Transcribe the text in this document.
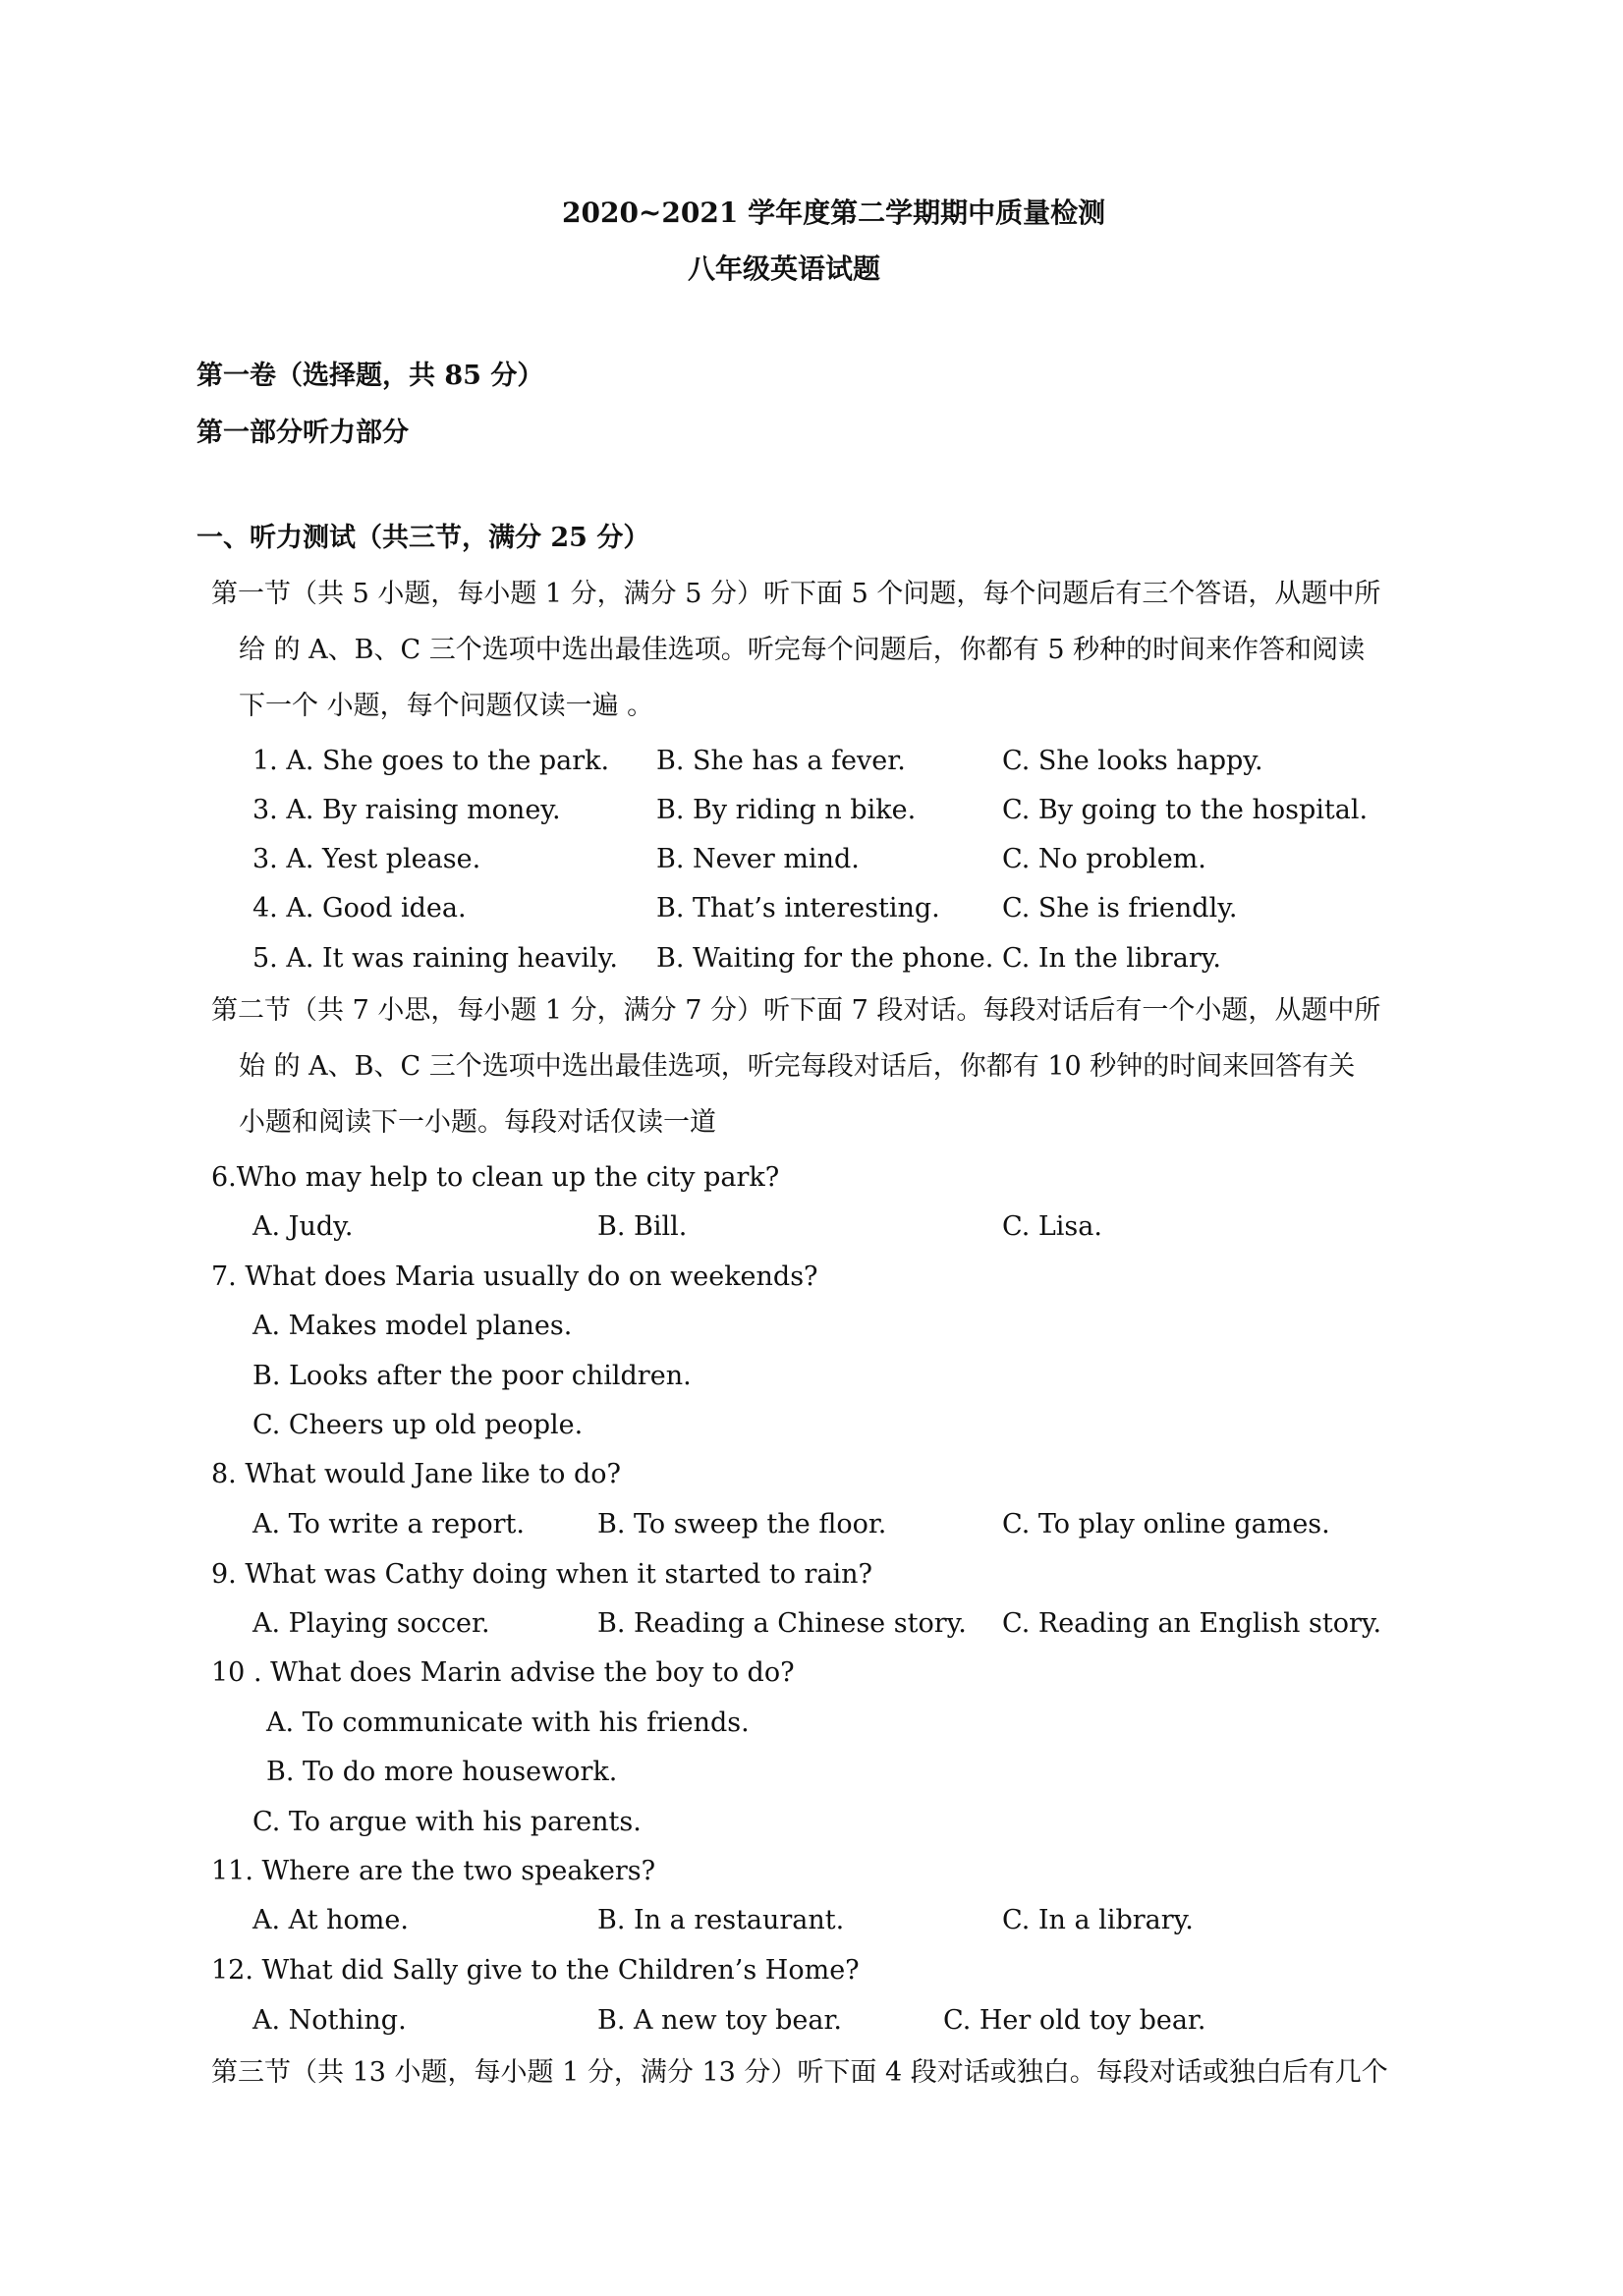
2020~2021 学年度第二学期期中质量检测
八年级英语试题
第一卷（选择题，共 85 分）
第一部分听力部分
一、听力测试（共三节，满分 25 分）
第一节（共 5 小题，每小题 1 分，满分 5 分）听下面 5 个问题，每个问题后有三个答语，从题中所
给 的 A、B、C 三个选项中选出最佳选项。听完每个问题后，你都有 5 秒种的时间来作答和阅读
下一个 小题，每个问题仅读一遍 。
1. A. She goes to the park. B. She has a fever.	C. She looks happy.
3. A. By raising money.	B. By riding n bike.	C. By going to the hospital.
3. A. Yest please.	B. Never mind.	C. No problem.
4. A. Good idea.	B. That’s interesting. C. She is friendly.
5. A. It was raining heavily. B. Waiting for the phone. C. In the library.
第二节（共 7 小思，每小题 1 分，满分 7 分）听下面 7 段对话。每段对话后有一个小题，从题中所
始 的 A、B、C 三个选项中选出最佳选项，听完每段对话后，你都有 10 秒钟的时间来回答有关
小题和阅读下一小题。每段对话仅读一道
6.Who may help to clean up the city park?
A. Judy.	B. Bill.	C. Lisa.
7. What does Maria usually do on weekends?
A. Makes model planes.
B. Looks after the poor children.
C. Cheers up old people.
8. What would Jane like to do?
A. To write a report.	B. To sweep the floor.	C. To play online games.
9. What was Cathy doing when it started to rain?
A. Playing soccer.	B. Reading a Chinese story. C. Reading an English story.
10 . What does Marin advise the boy to do?
A. To communicate with his friends.
B. To do more housework.
C. To argue with his parents.
11. Where are the two speakers?
A. At home.	B. In a restaurant.	C. In a library.
12. What did Sally give to the Children’s Home?
A. Nothing.	B. A new toy bear.	C. Her old toy bear.
第三节（共 13 小题，每小题 1 分，满分 13 分）听下面 4 段对话或独白。每段对话或独白后有几个
